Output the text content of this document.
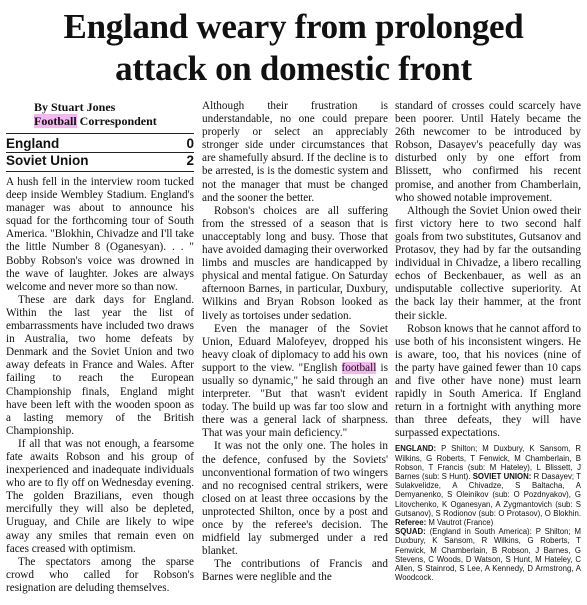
England weary from prolonged
attack on domestic front
By Stuart Jones
Football Correspondent
England	0
Soviet Union	2

A hush fell in the interview room tucked deep inside Wembley Stadium. England's manager was about to announce his squad for the forthcoming tour of South America. "Blokhin, Chivadze and I'll take the little Number 8 (Oganesyan). . . " Bobby Robson's voice was drowned in the wave of laughter. Jokes are always welcome and never more so than now.

These are dark days for England. Within the last year the list of embarrassments have included two draws in Australia, two home defeats by Denmark and the Soviet Union and two away defeats in France and Wales. After failing to reach the European Championship finals, England might have been left with the wooden spoon as a lasting memory of the British Championship.

If all that was not enough, a fearsome fate awaits Robson and his group of inexperienced and inadequate individuals who are to fly off on Wednesday evening. The golden Brazilians, even though mercifully they will also be depleted, Uruguay, and Chile are likely to wipe away any smiles that remain even on faces creased with optimism.

The spectators among the sparse crowd who called for Robson's resignation are deluding themselves.

Although their frustration is understandable, no one could prepare properly or select an appreciably stronger side under circumstances that are shamefully absurd. If the decline is to be arrested, is is the domestic system and not the manager that must be changed and the sooner the better.

Robson's choices are all suffering from the stressed of a season that is unacceptably long and busy. Those that have avoided damaging their overworked limbs and muscles are handicapped by physical and mental fatigue. On Saturday afternoon Barnes, in particular, Duxbury, Wilkins and Bryan Robson looked as lively as tortoises under sedation.

Even the manager of the Soviet Union, Eduard Malofeyev, dropped his heavy cloak of diplomacy to add his own support to the view. "English football is usually so dynamic," he said through an interpreter. "But that wasn't evident today. The build up was far too slow and there was a general lack of sharpness. That was your main deficiency."

It was not the only one. The holes in the defence, confused by the Soviets' unconventional formation of two wingers and no recognised central strikers, were closed on at least three occasions by the unprotected Shilton, once by a post and once by the referee's decision. The midfield lay submerged under a red blanket.

The contributions of Francis and Barnes were neglible and the

standard of crosses could scarcely have been poorer. Until Hately became the 26th newcomer to be introduced by Robson, Dasayev's peacefully day was disturbed only by one effort from Blissett, who confirmed his recent promise, and another from Chamberlain, who showed notable improvement.

Although the Soviet Union owed their first victory here to two second half goals from two substitutes, Gutsanov and Protasov, they had by far the outsanding individual in Chivadze, a libero recalling echos of Beckenbauer, as well as an undisputable collective superiority. At the back lay their hammer, at the front their sickle.

Robson knows that he cannot afford to use both of his inconsistent wingers. He is aware, too, that his novices (nine of the party have gained fewer than 10 caps and five other have none) must learn rapidly in South America. If England return in a fortnight with anything more than three defeats, they will have surpassed expectations.

ENGLAND: P Shilton; M Duxbury, K Sansom, R Wilkins, G Roberts, T Fenwick, M Chamberlain, B Robson, T Francis (sub: M Hateley), L Blissett, J Barnes (sub: S Hunt). SOVIET UNION: R Dasayev; T Sulakvelidze, A Chivadze, S Baltacha, A Demyanenko, S Oleinikov (sub: O Pozdnyakov), G Litovchenko, K Oganesyan, A Zygmantovich (sub: S Gutsanov), S Rodionov (sub: O Protasov), O Blokhin. Referee: M Vautrot (France)
SQUAD: (England in South America): P Shilton; M Duxbury, K Sansom, R Wilkins, G Roberts, T Fenwick, M Chamberlain, B Robson, J Barnes, G Stevens, C Woods, D Watson, S Hunt, M Hateley, C Allen, S Stainrod, S Lee, A Kennedy, D Armstrong, A Woodcock.
